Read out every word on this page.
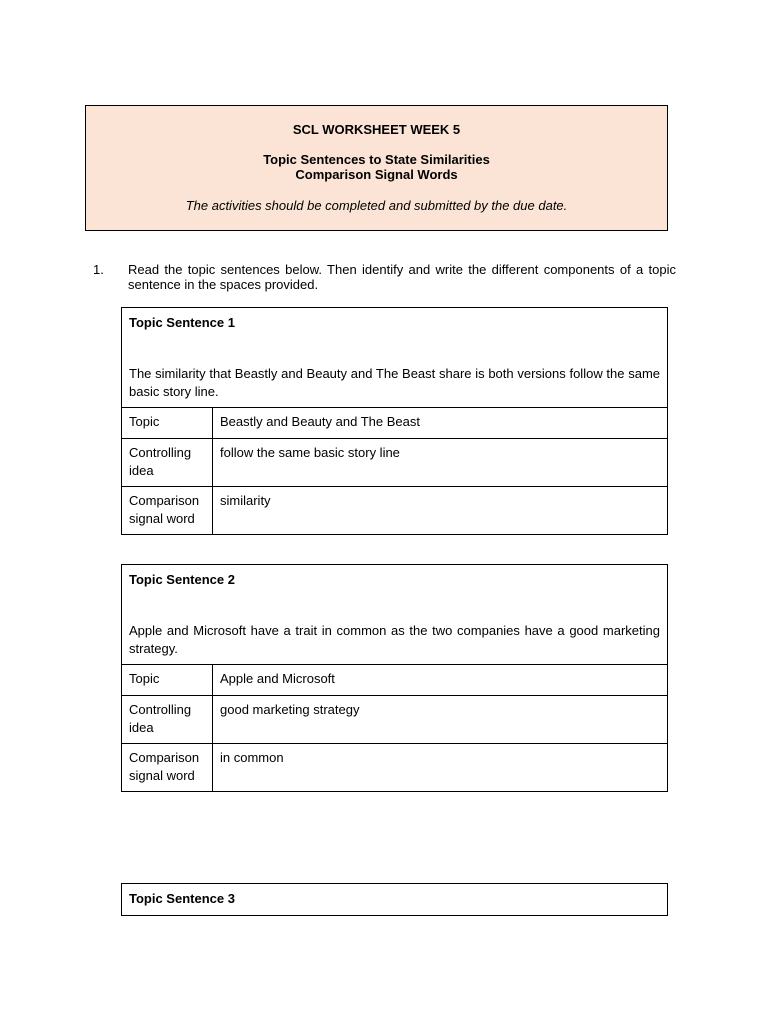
SCL WORKSHEET WEEK 5
Topic Sentences to State Similarities
Comparison Signal Words
The activities should be completed and submitted by the due date.
1. Read the topic sentences below. Then identify and write the different components of a topic sentence in the spaces provided.
Topic Sentence 1
The similarity that Beastly and Beauty and The Beast share is both versions follow the same basic story line.	

Topic	Beastly and Beauty and The Beast
Controlling idea	follow the same basic story line
Comparison signal word	similarity
Topic Sentence 2
Apple and Microsoft have a trait in common as the two companies have a good marketing strategy.	

Topic	Apple and Microsoft
Controlling idea	good marketing strategy
Comparison signal word	in common
Topic Sentence 3
